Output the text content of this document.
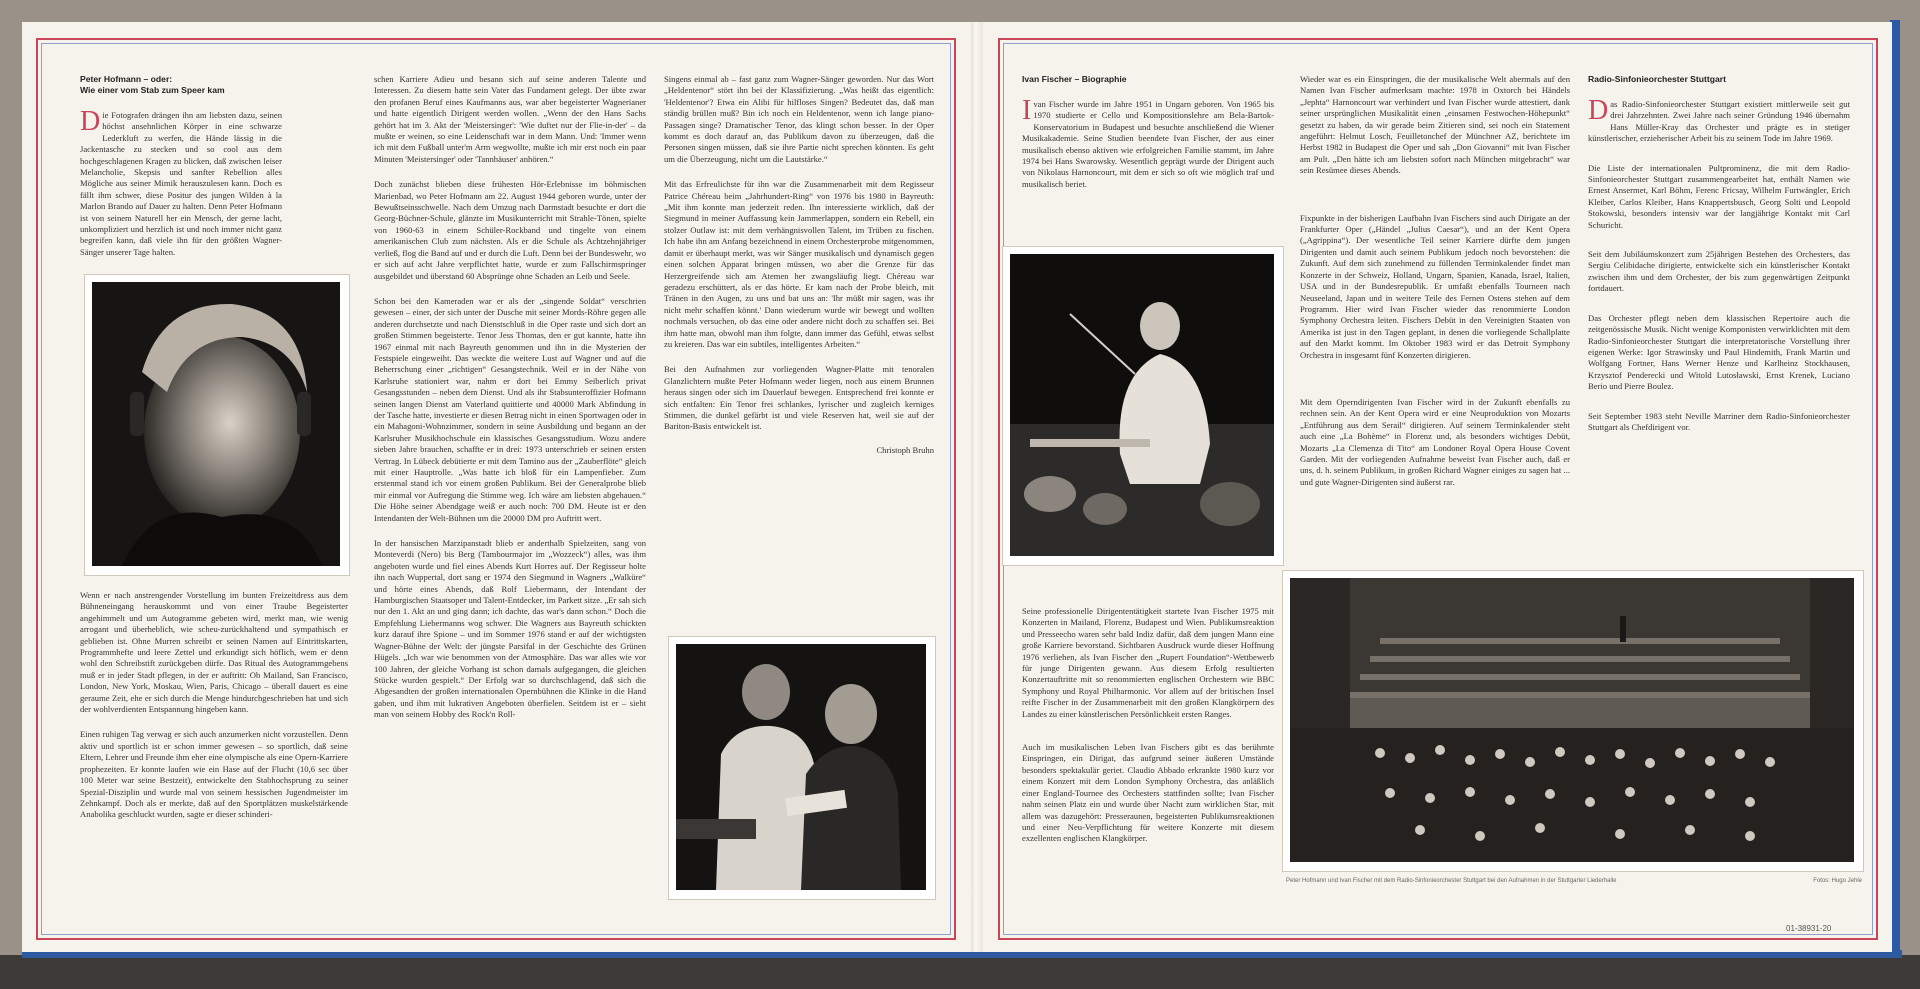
Peter Hofmann – oder:
Wie einer vom Stab zum Speer kam

Die Fotografen drängen ihn am liebsten dazu, seinen höchst ansehnlichen Körper in eine schwarze Lederkluft zu werfen, die Hände lässig in die Jackentasche zu stecken und so cool aus dem hochgeschlagenen Kragen zu blicken, daß zwischen leiser Melancholie, Skepsis und sanfter Rebellion alles Mögliche aus seiner Mimik herauszulesen kann. Doch es fällt ihm schwer, diese Positur des jungen Wilden à la Marlon Brando auf Dauer zu halten. Denn Peter Hofmann ist von seinem Naturell her ein Mensch, der gerne lacht, unkompliziert und herzlich ist und noch immer nicht ganz begreifen kann, daß viele ihn für den größten Wagner-Sänger unserer Tage halten.

Wenn er nach anstrengender Vorstellung im bunten Freizeitdress aus dem Bühneneingang herauskommt und von einer Traube Begeisterter angehimmelt und um Autogramme gebeten wird, merkt man, wie wenig arrogant und überheblich, wie scheu-zurückhaltend und sympathisch er geblieben ist. Ohne Murren schreibt er seinen Namen auf Eintrittskarten, Programmhefte und leere Zettel und erkundigt sich höflich, wem er denn wohl den Schreibstift zurückgeben dürfe. Das Ritual des Autogrammgebens muß er in jeder Stadt pflegen, in der er auftritt: Ob Mailand, San Francisco, London, New York, Moskau, Wien, Paris, Chicago – überall dauert es eine geraume Zeit, ehe er sich durch die Menge hindurchgeschrieben hat und sich der wohlverdienten Entspannung hingeben kann.

Einen ruhigen Tag verwag er sich auch anzumerken nicht vorzustellen. Denn aktiv und sportlich ist er schon immer gewesen – so sportlich, daß seine Eltern, Lehrer und Freunde ihm eher eine olympische als eine Opern-Karriere prophezeiten. Er konnte laufen wie ein Hase auf der Flucht (10,6 sec über 100 Meter war seine Bestzeit), entwickelte den Stabhochsprung zu seiner Spezial-Disziplin und wurde mal von seinem hessischen Jugendmeister im Zehnkampf. Doch als er merkte, daß auf den Sportplätzen muskelstärkende Anabolika geschluckt wurden, sagte er dieser schinderi-

schen Karriere Adieu und besann sich auf seine anderen Talente und Interessen. Zu diesem hatte sein Vater das Fundament gelegt. Der übte zwar den profanen Beruf eines Kaufmanns aus, war aber begeisterter Wagnerianer und hatte eigentlich Dirigent werden wollen. „Wenn der den Hans Sachs gehört hat im 3. Akt der 'Meistersinger': 'Wie duftet nur der Flie-in-der' – da mußte er weinen, so eine Leidenschaft war in dem Mann. Und: 'Immer wenn ich mit dem Fußball unter'm Arm wegwollte, mußte ich mir erst noch ein paar Minuten 'Meistersinger' oder 'Tannhäuser' anhören.“

Doch zunächst blieben diese frühesten Hör-Erlebnisse im böhmischen Marienbad, wo Peter Hofmann am 22. August 1944 geboren wurde, unter der Bewußtseinsschwelle. Nach dem Umzug nach Darmstadt besuchte er dort die Georg-Büchner-Schule, glänzte im Musikunterricht mit Strahle-Tönen, spielte von 1960-63 in einem Schüler-Rockband und tingelte von einem amerikanischen Club zum nächsten. Als er die Schule als Achtzehnjähriger verließ, flog die Band auf und er durch die Luft. Denn bei der Bundeswehr, wo er sich auf acht Jahre verpflichtet hatte, wurde er zum Fallschirmspringer ausgebildet und überstand 60 Absprünge ohne Schaden an Leib und Seele.

Schon bei den Kameraden war er als der „singende Soldat“ verschrien gewesen – einer, der sich unter der Dusche mit seiner Mords-Röhre gegen alle anderen durchsetzte und nach Dienstschluß in die Oper raste und sich dort an großen Stimmen begeisterte. Tenor Jess Thomas, den er gut kannte, hatte ihn 1967 einmal mit nach Bayreuth genommen und ihn in die Mysterien der Festspiele eingeweiht. Das weckte die weitere Lust auf Wagner und auf die Beherrschung einer „richtigen“ Gesangstechnik. Weil er in der Nähe von Karlsruhe stationiert war, nahm er dort bei Emmy Seiberlich privat Gesangsstunden – neben dem Dienst. Und als ihr Stabsunteroffizier Hofmann seinen langen Dienst am Vaterland quittierte und 40000 Mark Abfindung in der Tasche hatte, investierte er diesen Betrag nicht in einen Sportwagen oder in ein Mahagoni-Wohnzimmer, sondern in seine Ausbildung und begann an der Karlsruher Musikhochschule ein klassisches Gesangsstudium. Wozu andere sieben Jahre brauchen, schaffte er in drei: 1973 unterschrieb er seinen ersten Vertrag. In Lübeck debütierte er mit dem Tamino aus der „Zauberflöte“ gleich mit einer Hauptrolle. „Was hatte ich bloß für ein Lampenfieber. Zum erstenmal stand ich vor einem großen Publikum. Bei der Generalprobe blieb mir einmal vor Aufregung die Stimme weg. Ich wäre am liebsten abgehauen.“ Die Höhe seiner Abendgage weiß er auch noch: 700 DM. Heute ist er den Intendanten der Welt-Bühnen um die 20000 DM pro Auftritt wert.

In der hansischen Marzipanstadt blieb er anderthalb Spielzeiten, sang von Monteverdi (Nero) bis Berg (Tambourmajor im „Wozzeck“) alles, was ihm angeboten wurde und fiel eines Abends Kurt Horres auf. Der Regisseur holte ihn nach Wuppertal, dort sang er 1974 den Siegmund in Wagners „Walküre“ und hörte eines Abends, daß Rolf Liebermann, der Intendant der Hamburgischen Staatsoper und Talent-Entdecker, im Parkett sitze. „Er sah sich nur den 1. Akt an und ging dann; ich dachte, das war's dann schon.“ Doch die Empfehlung Liebermanns wog schwer. Die Wagners aus Bayreuth schickten kurz darauf ihre Spione – und im Sommer 1976 stand er auf der wichtigsten Wagner-Bühne der Welt: der jüngste Parsifal in der Geschichte des Grünen Hügels. „Ich war wie benommen von der Atmosphäre. Das war alles wie vor 100 Jahren, der gleiche Vorhang ist schon damals aufgegangen, die gleichen Stücke wurden gespielt.“ Der Erfolg war so durchschlagend, daß sich die Abgesandten der großen internationalen Opernbühnen die Klinke in die Hand gaben, und ihm mit lukrativen Angeboten überfielen. Seitdem ist er – sieht man von seinem Hobby des Rock'n Roll-

Singens einmal ab – fast ganz zum Wagner-Sänger geworden. Nur das Wort „Heldentenor“ stört ihn bei der Klassifizierung. „Was heißt das eigentlich: 'Heldentenor'? Etwa ein Alibi für hilfloses Singen? Bedeutet das, daß man ständig brüllen muß? Bin ich noch ein Heldentenor, wenn ich lange piano-Passagen singe? Dramatischer Tenor, das klingt schon besser. In der Oper kommt es doch darauf an, das Publikum davon zu überzeugen, daß die Personen singen müssen, daß sie ihre Partie nicht sprechen könnten. Es geht um die Überzeugung, nicht um die Lautstärke.“

Mit das Erfreulichste für ihn war die Zusammenarbeit mit dem Regisseur Patrice Chéreau beim „Jahrhundert-Ring“ von 1976 bis 1980 in Bayreuth: „Mit ihm konnte man jederzeit reden. Ihn interessierte wirklich, daß der Siegmund in meiner Auffassung kein Jammerlappen, sondern ein Rebell, ein stolzer Outlaw ist: mit dem verhängnisvollen Talent, im Trüben zu fischen. Ich habe ihn am Anfang bezeichnend in einem Orchesterprobe mitgenommen, damit er überhaupt merkt, was wir Sänger musikalisch und dynamisch gegen einen solchen Apparat bringen müssen, wo aber die Grenze für das Herzergreifende sich am Atemen her zwangsläufig liegt. Chéreau war geradezu erschüttert, als er das hörte. Er kam nach der Probe bleich, mit Tränen in den Augen, zu uns und bat uns an: 'Ihr müßt mir sagen, was ihr nicht mehr schaffen könnt.' Dann wiederum wurde wir bewegt und wollten nochmals versuchen, ob das eine oder andere nicht doch zu schaffen sei. Bei ihm hatte man, obwohl man ihm folgte, dann immer das Gefühl, etwas selbst zu kreieren. Das war ein subtiles, intelligentes Arbeiten.“

Bei den Aufnahmen zur vorliegenden Wagner-Platte mit tenoralen Glanzlichtern mußte Peter Hofmann weder liegen, noch aus einem Brunnen heraus singen oder sich im Dauerlauf bewegen. Entsprechend frei konnte er sich entfalten: Ein Tenor frei schlankes, lyrischer und zugleich kerniges Stimmen, die dunkel gefärbt ist und viele Reserven hat, weil sie auf der Bariton-Basis entwickelt ist.

Christoph Bruhn
Ivan Fischer – Biographie

Ivan Fischer wurde im Jahre 1951 in Ungarn geboren. Von 1965 bis 1970 studierte er Cello und Kompositionslehre am Bela-Bartok-Konservatorium in Budapest und besuchte anschließend die Wiener Musikakademie. Seine Studien beendete Ivan Fischer, der aus einer musikalisch ebenso aktiven wie erfolgreichen Familie stammt, im Jahre 1974 bei Hans Swarowsky. Wesentlich geprägt wurde der Dirigent auch von Nikolaus Harnoncourt, mit dem er sich so oft wie möglich traf und musikalisch beriet.

Seine professionelle Dirigententätigkeit startete Ivan Fischer 1975 mit Konzerten in Mailand, Florenz, Budapest und Wien. Publikumsreaktion und Presseecho waren sehr bald Indiz dafür, daß dem jungen Mann eine große Karriere bevorstand. Sichtbaren Ausdruck wurde dieser Hoffnung 1976 verliehen, als Ivan Fischer den „Rupert Foundation“-Wettbewerb für junge Dirigenten gewann. Aus diesem Erfolg resultierten Konzertauftritte mit so renommierten englischen Orchestern wie BBC Symphony und Royal Philharmonic. Vor allem auf der britischen Insel reifte Fischer in der Zusammenarbeit mit den großen Klangkörpern des Landes zu einer künstlerischen Persönlichkeit ersten Ranges.

Auch im musikalischen Leben Ivan Fischers gibt es das berühmte Einspringen, ein Dirigat, das aufgrund seiner äußeren Umstände besonders spektakulär geriet. Claudio Abbado erkrankte 1980 kurz vor einem Konzert mit dem London Symphony Orchestra, das anläßlich einer England-Tournee des Orchesters stattfinden sollte; Ivan Fischer nahm seinen Platz ein und wurde über Nacht zum wirklichen Star, mit allem was dazugehört: Presseraunen, begeisterten Publikumsreaktionen und einer Neu-Verpflichtung für weitere Konzerte mit diesem exzellenten englischen Klangkörper.

Wieder war es ein Einspringen, die der musikalische Welt abermals auf den Namen Ivan Fischer aufmerksam machte: 1978 in Oxtorch bei Händels „Jephta“ Harnoncourt war verhindert und Ivan Fischer wurde attestiert, dank seiner ursprünglichen Musikalität einen „einsamen Festwochen-Höhepunkt“ gesetzt zu haben, da wir gerade beim Zitieren sind, sei noch ein Statement angeführt: Helmut Losch, Feuilletonchef der Münchner AZ, berichtete im Herbst 1982 in Budapest die Oper und sah „Don Giovanni“ mit Ivan Fischer am Pult. „Den hätte ich am liebsten sofort nach München mitgebracht“ war sein Resümee dieses Abends.

Fixpunkte in der bisherigen Laufbahn Ivan Fischers sind auch Dirigate an der Frankfurter Oper („Händel „Julius Caesar“), und an der Kent Opera („Agrippina“). Der wesentliche Teil seiner Karriere dürfte dem jungen Dirigenten und damit auch seinem Publikum jedoch noch bevorstehen: die Zukunft. Auf dem sich zunehmend zu füllenden Terminkalender findet man Konzerte in der Schweiz, Holland, Ungarn, Spanien, Kanada, Israel, Italien, USA und in der Bundesrepublik. Er umfaßt ebenfalls Tourneen nach Neuseeland, Japan und in weitere Teile des Fernen Ostens stehen auf dem Programm. Hier wird Ivan Fischer wieder das renommierte London Symphony Orchestra leiten. Fischers Debüt in den Vereinigten Staaten von Amerika ist just in den Tagen geplant, in denen die vorliegende Schallplatte auf den Markt kommt. Im Oktober 1983 wird er das Detroit Symphony Orchestra in insgesamt fünf Konzerten dirigieren.

Mit dem Operndirigenten Ivan Fischer wird in der Zukunft ebenfalls zu rechnen sein. An der Kent Opera wird er eine Neuproduktion von Mozarts „Entführung aus dem Serail“ dirigieren. Auf seinem Terminkalender steht auch eine „La Bohème“ in Florenz und, als besonders wichtiges Debüt, Mozarts „La Clemenza di Tito“ am Londoner Royal Opera House Covent Garden. Mit der vorliegenden Aufnahme beweist Ivan Fischer auch, daß er uns, d. h. seinem Publikum, in großen Richard Wagner einiges zu sagen hat ... und gute Wagner-Dirigenten sind äußerst rar.

Radio-Sinfonieorchester Stuttgart

Das Radio-Sinfonieorchester Stuttgart existiert mittlerweile seit gut drei Jahrzehnten. Zwei Jahre nach seiner Gründung 1946 übernahm Hans Müller-Kray das Orchester und prägte es in stetiger künstlerischer, erzieherischer Arbeit bis zu seinem Tode im Jahre 1969.

Die Liste der internationalen Pultprominenz, die mit dem Radio-Sinfonieorchester Stuttgart zusammengearbeitet hat, enthält Namen wie Ernest Ansermet, Karl Böhm, Ferenc Fricsay, Wilhelm Furtwängler, Erich Kleiber, Carlos Kleiber, Hans Knappertsbusch, Georg Solti und Leopold Stokowski, besonders intensiv war der langjährige Kontakt mit Carl Schuricht.

Seit dem Jubiläumskonzert zum 25jährigen Bestehen des Orchesters, das Sergiu Celibidache dirigierte, entwickelte sich ein künstlerischer Kontakt zwischen ihm und dem Orchester, der bis zum gegenwärtigen Zeitpunkt fortdauert.

Das Orchester pflegt neben dem klassischen Repertoire auch die zeitgenössische Musik. Nicht wenige Komponisten verwirklichten mit dem Radio-Sinfonieorchester Stuttgart die interpretatorische Vorstellung ihrer eigenen Werke: Igor Strawinsky und Paul Hindemith, Frank Martin und Wolfgang Fortner, Hans Werner Henze und Karlheinz Stockhausen, Krzysztof Penderecki und Witold Lutosławski, Ernst Krenek, Luciano Berio und Pierre Boulez.

Seit September 1983 steht Neville Marriner dem Radio-Sinfonieorchester Stuttgart als Chefdirigent vor.

Peter Hofmann und Ivan Fischer mit dem Radio-Sinfonieorchester Stuttgart bei den Aufnahmen in der Stuttgarter Liederhalle	Fotos: Hugo Jehle
01-38931-20
